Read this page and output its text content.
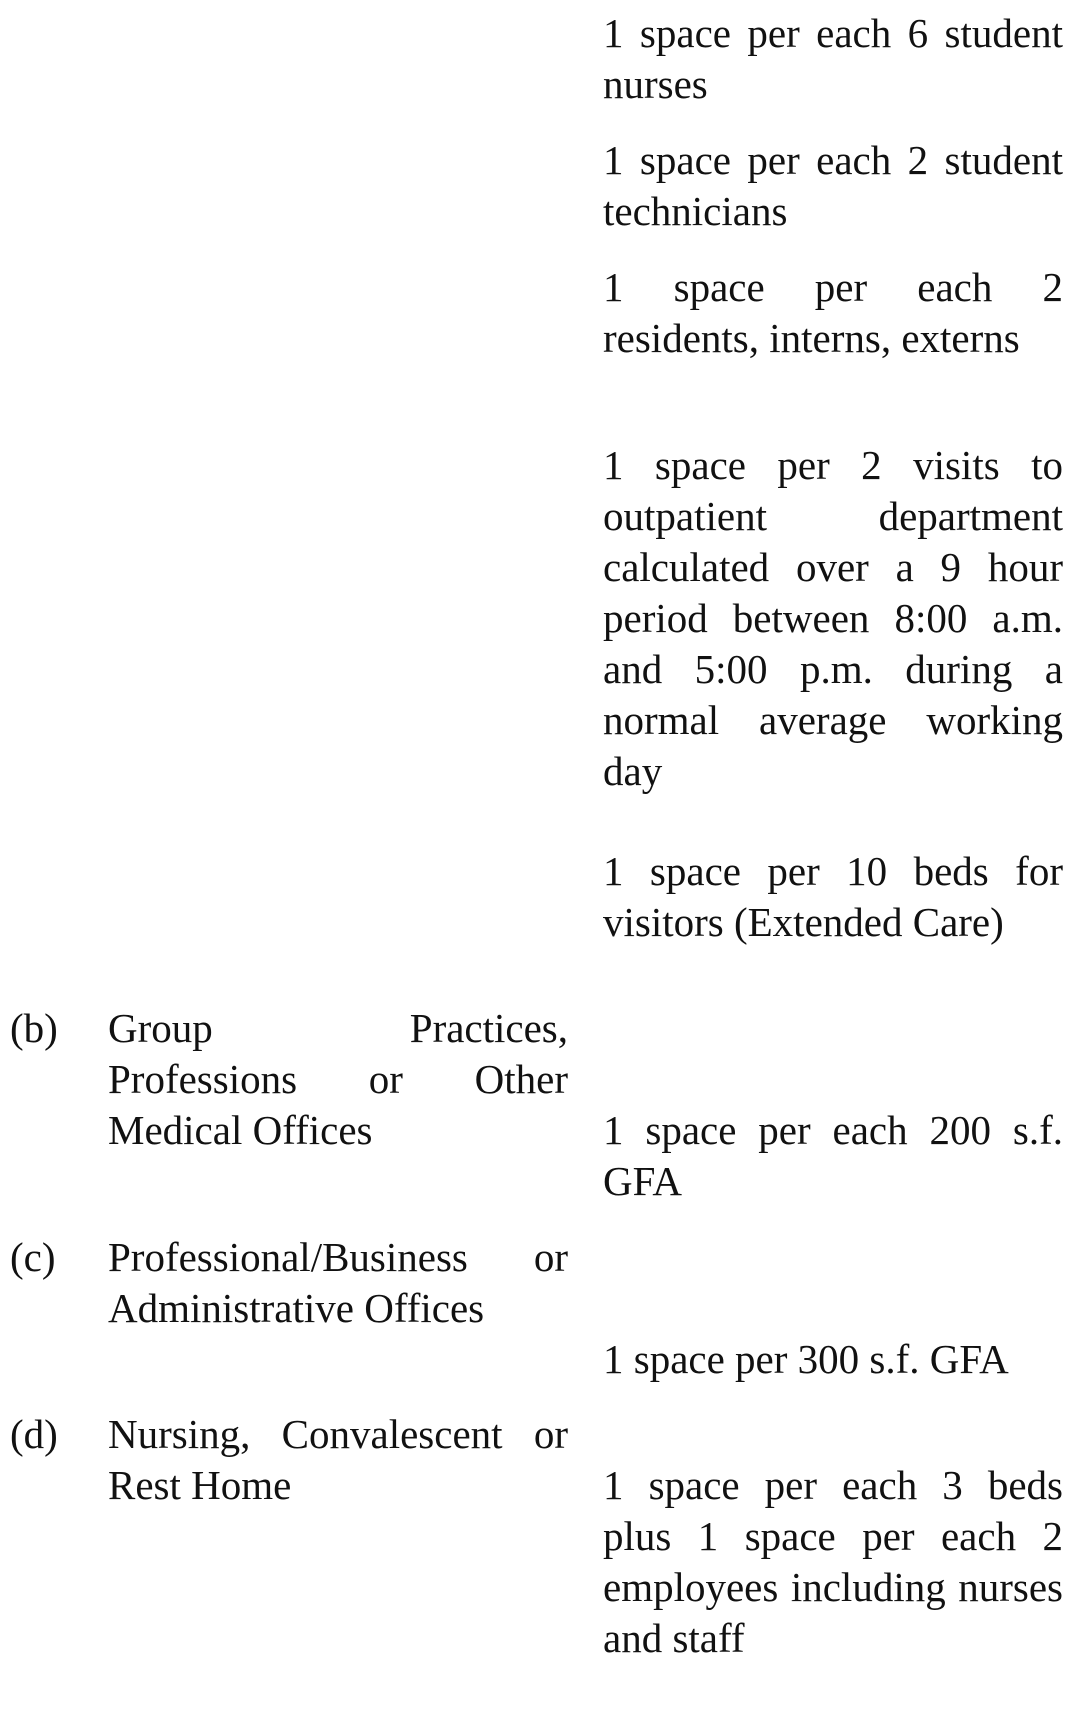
1 space per each 6 student nurses
1 space per each 2 student technicians
1 space per each 2 residents, interns, externs
1 space per 2 visits to outpatient department calculated over a 9 hour period between 8:00 a.m. and 5:00 p.m. during a normal average working day
1 space per 10 beds for visitors (Extended Care)
(b) Group Practices, Professions or Other Medical Offices	1 space per each 200 s.f. GFA
(c) Professional/Business or Administrative Offices
1 space per 300 s.f. GFA
(d) Nursing, Convalescent or Rest Home	1 space per each 3 beds plus 1 space per each 2 employees including nurses and staff
